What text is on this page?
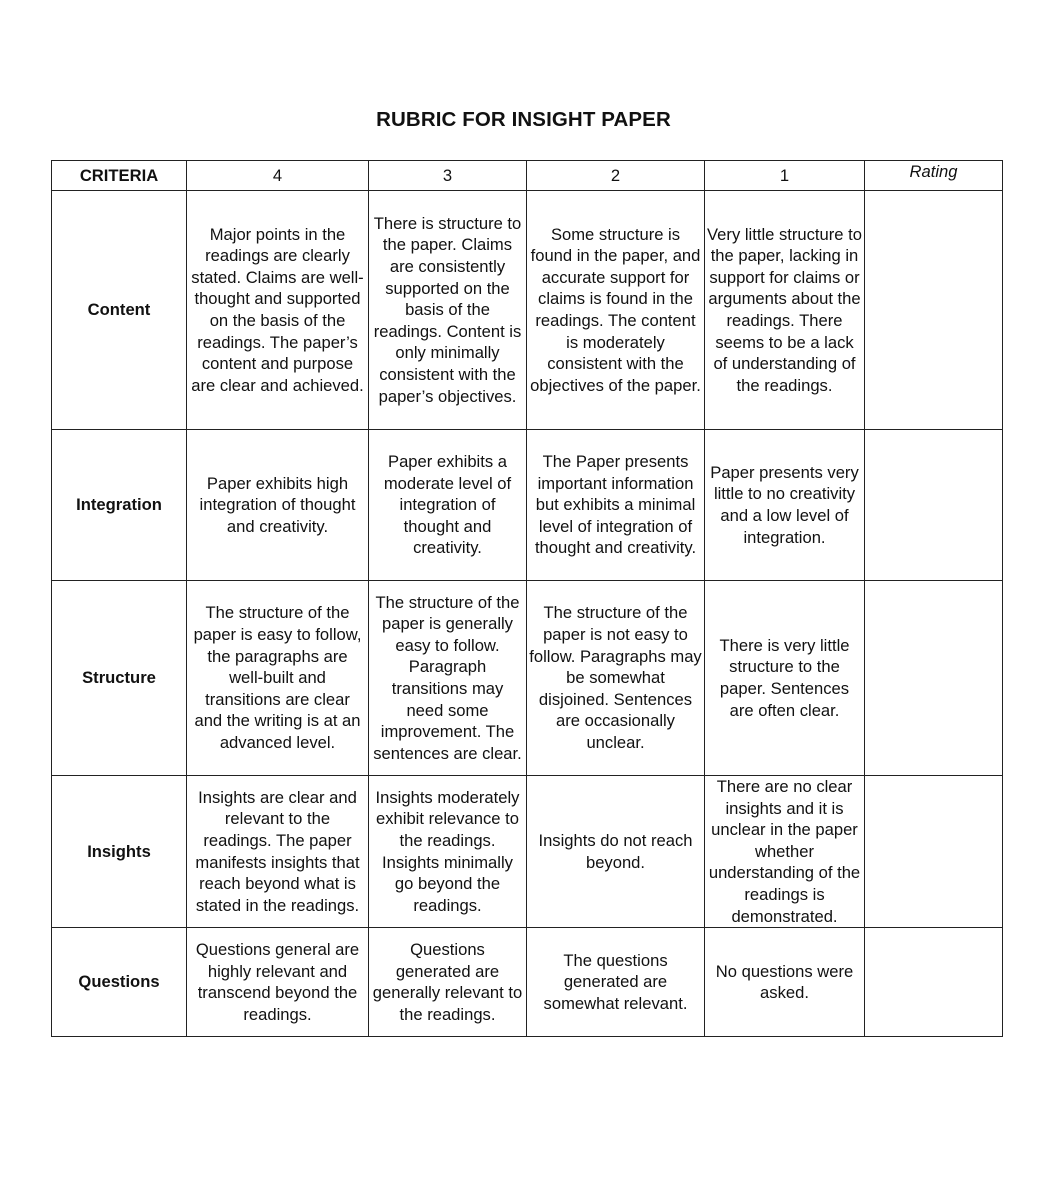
RUBRIC FOR INSIGHT PAPER
CRITERIA	4	3	2	1	Rating
Content	Major points in the readings are clearly stated. Claims are well-thought and supported on the basis of the readings. The paper’s content and purpose are clear and achieved.	There is structure to the paper. Claims are consistently supported on the basis of the readings. Content is only minimally consistent with the paper’s objectives.	Some structure is found in the paper, and accurate support for claims is found in the readings. The content is moderately consistent with the objectives of the paper.	Very little structure to the paper, lacking in support for claims or arguments about the readings. There seems to be a lack of understanding of the readings.	
Integration	Paper exhibits high integration of thought and creativity.	Paper exhibits a moderate level of integration of thought and creativity.	The Paper presents important information but exhibits a minimal level of integration of thought and creativity.	Paper presents very little to no creativity and a low level of integration.	
Structure	The structure of the paper is easy to follow, the paragraphs are well-built and transitions are clear and the writing is at an advanced level.	The structure of the paper is generally easy to follow. Paragraph transitions may need some improvement. The sentences are clear.	The structure of the paper is not easy to follow. Paragraphs may be somewhat disjoined. Sentences are occasionally unclear.	There is very little structure to the paper. Sentences are often clear.	
Insights	Insights are clear and relevant to the readings. The paper manifests insights that reach beyond what is stated in the readings.	Insights moderately exhibit relevance to the readings. Insights minimally go beyond the readings.	Insights do not reach beyond.	There are no clear insights and it is unclear in the paper whether understanding of the readings is demonstrated.	
Questions	Questions general are highly relevant and transcend beyond the readings.	Questions generated are generally relevant to the readings.	The questions generated are somewhat relevant.	No questions were asked.	
